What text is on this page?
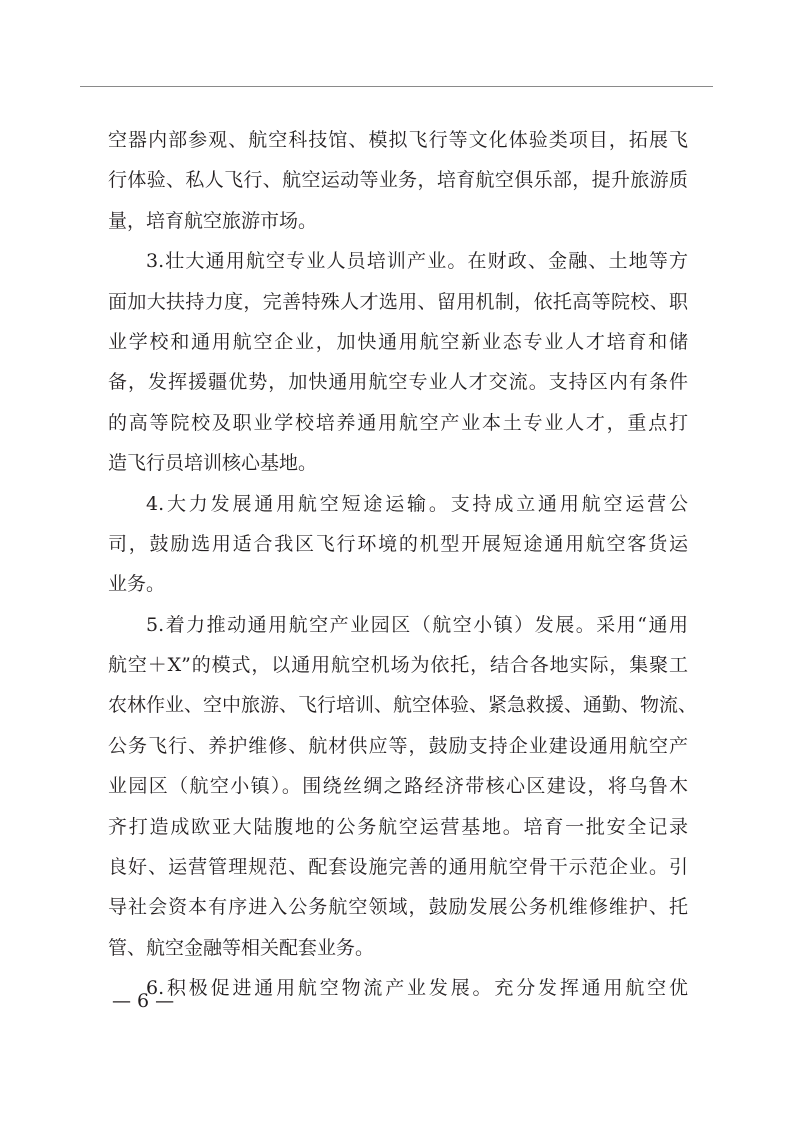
空器内部参观、航空科技馆、模拟飞行等文化体验类项目，拓展飞
行体验、私人飞行、航空运动等业务，培育航空俱乐部，提升旅游质
量，培育航空旅游市场。
3.壮大通用航空专业人员培训产业。在财政、金融、土地等方
面加大扶持力度，完善特殊人才选用、留用机制，依托高等院校、职
业学校和通用航空企业，加快通用航空新业态专业人才培育和储
备，发挥援疆优势，加快通用航空专业人才交流。支持区内有条件
的高等院校及职业学校培养通用航空产业本土专业人才，重点打
造飞行员培训核心基地。
4.大力发展通用航空短途运输。支持成立通用航空运营公
司，鼓励选用适合我区飞行环境的机型开展短途通用航空客货运
业务。
5.着力推动通用航空产业园区（航空小镇）发展。采用“通用
航空＋X”的模式，以通用航空机场为依托，结合各地实际，集聚工
农林作业、空中旅游、飞行培训、航空体验、紧急救援、通勤、物流、
公务飞行、养护维修、航材供应等，鼓励支持企业建设通用航空产
业园区（航空小镇）。围绕丝绸之路经济带核心区建设，将乌鲁木
齐打造成欧亚大陆腹地的公务航空运营基地。培育一批安全记录
良好、运营管理规范、配套设施完善的通用航空骨干示范企业。引
导社会资本有序进入公务航空领域，鼓励发展公务机维修维护、托
管、航空金融等相关配套业务。
6.积极促进通用航空物流产业发展。充分发挥通用航空优
— 6 —
